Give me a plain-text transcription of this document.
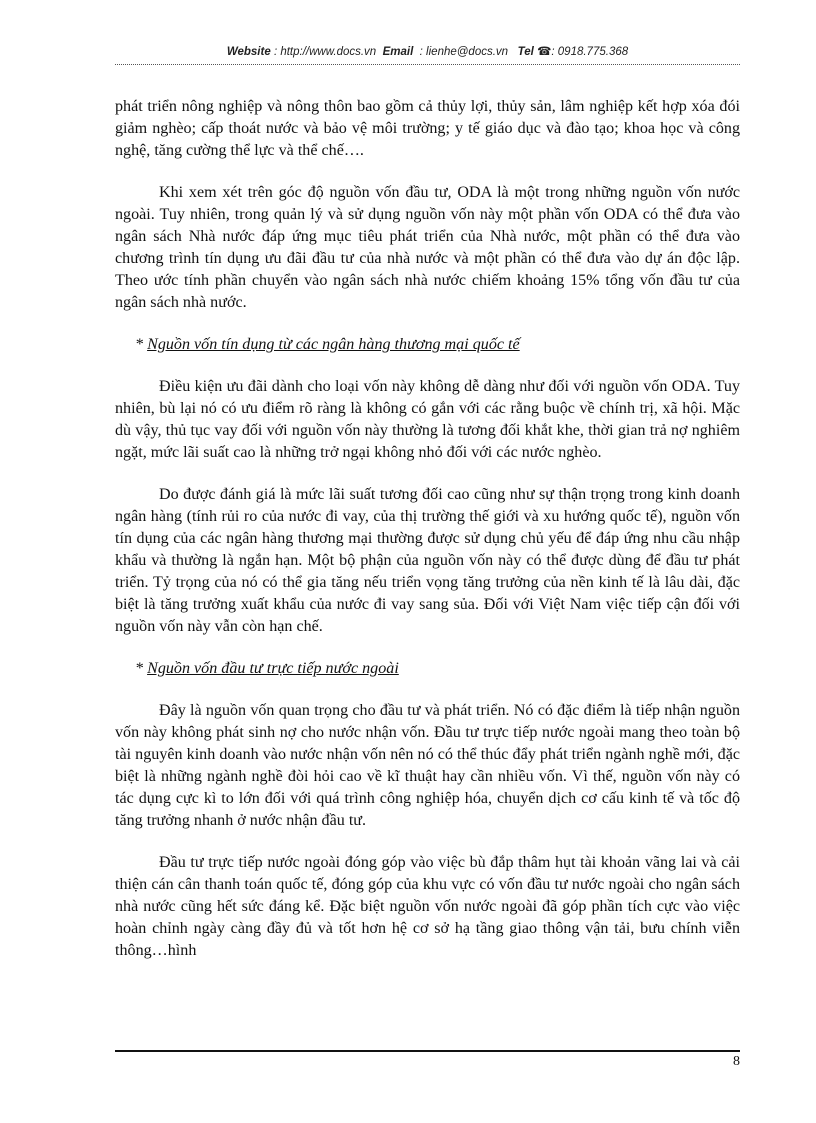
Website : http://www.docs.vn Email : lienhe@docs.vn Tel ☎: 0918.775.368

phát triển nông nghiệp và nông thôn bao gồm cả thủy lợi, thủy sản, lâm nghiệp kết hợp xóa đói giảm nghèo; cấp thoát nước và bảo vệ môi trường; y tế giáo dục và đào tạo; khoa học và công nghệ, tăng cường thể lực và thể chế….

Khi xem xét trên góc độ nguồn vốn đầu tư, ODA là một trong những nguồn vốn nước ngoài. Tuy nhiên, trong quản lý và sử dụng nguồn vốn này một phần vốn ODA có thể đưa vào ngân sách Nhà nước đáp ứng mục tiêu phát triển của Nhà nước, một phần có thể đưa vào chương trình tín dụng ưu đãi đầu tư của nhà nước và một phần có thể đưa vào dự án độc lập. Theo ước tính phần chuyển vào ngân sách nhà nước chiếm khoảng 15% tổng vốn đầu tư của ngân sách nhà nước.

* Nguồn vốn tín dụng từ các ngân hàng thương mại quốc tế

Điều kiện ưu đãi dành cho loại vốn này không dễ dàng như đối với nguồn vốn ODA. Tuy nhiên, bù lại nó có ưu điểm rõ ràng là không có gắn với các rằng buộc về chính trị, xã hội. Mặc dù vậy, thủ tục vay đối với nguồn vốn này thường là tương đối khắt khe, thời gian trả nợ nghiêm ngặt, mức lãi suất cao là những trở ngại không nhỏ đối với các nước nghèo.

Do được đánh giá là mức lãi suất tương đối cao cũng như sự thận trọng trong kinh doanh ngân hàng (tính rủi ro của nước đi vay, của thị trường thế giới và xu hướng quốc tế), nguồn vốn tín dụng của các ngân hàng thương mại thường được sử dụng chủ yếu để đáp ứng nhu cầu nhập khẩu và thường là ngắn hạn. Một bộ phận của nguồn vốn này có thể được dùng để đầu tư phát triển. Tỷ trọng của nó có thể gia tăng nếu triển vọng tăng trưởng của nền kinh tế là lâu dài, đặc biệt là tăng trưởng xuất khẩu của nước đi vay sang sủa. Đối với Việt Nam việc tiếp cận đối với nguồn vốn này vẫn còn hạn chế.

* Nguồn vốn đầu tư trực tiếp nước ngoài

Đây là nguồn vốn quan trọng cho đầu tư và phát triển. Nó có đặc điểm là tiếp nhận nguồn vốn này không phát sinh nợ cho nước nhận vốn. Đầu tư trực tiếp nước ngoài mang theo toàn bộ tài nguyên kinh doanh vào nước nhận vốn nên nó có thể thúc đẩy phát triển ngành nghề mới, đặc biệt là những ngành nghề đòi hỏi cao về kĩ thuật hay cần nhiều vốn. Vì thế, nguồn vốn này có tác dụng cực kì to lớn đối với quá trình công nghiệp hóa, chuyển dịch cơ cấu kinh tế và tốc độ tăng trưởng nhanh ở nước nhận đầu tư.

Đầu tư trực tiếp nước ngoài đóng góp vào việc bù đắp thâm hụt tài khoản vãng lai và cải thiện cán cân thanh toán quốc tế, đóng góp của khu vực có vốn đầu tư nước ngoài cho ngân sách nhà nước cũng hết sức đáng kể. Đặc biệt nguồn vốn nước ngoài đã góp phần tích cực vào việc hoàn chỉnh ngày càng đầy đủ và tốt hơn hệ cơ sở hạ tầng giao thông vận tải, bưu chính viễn thông…hình

8
